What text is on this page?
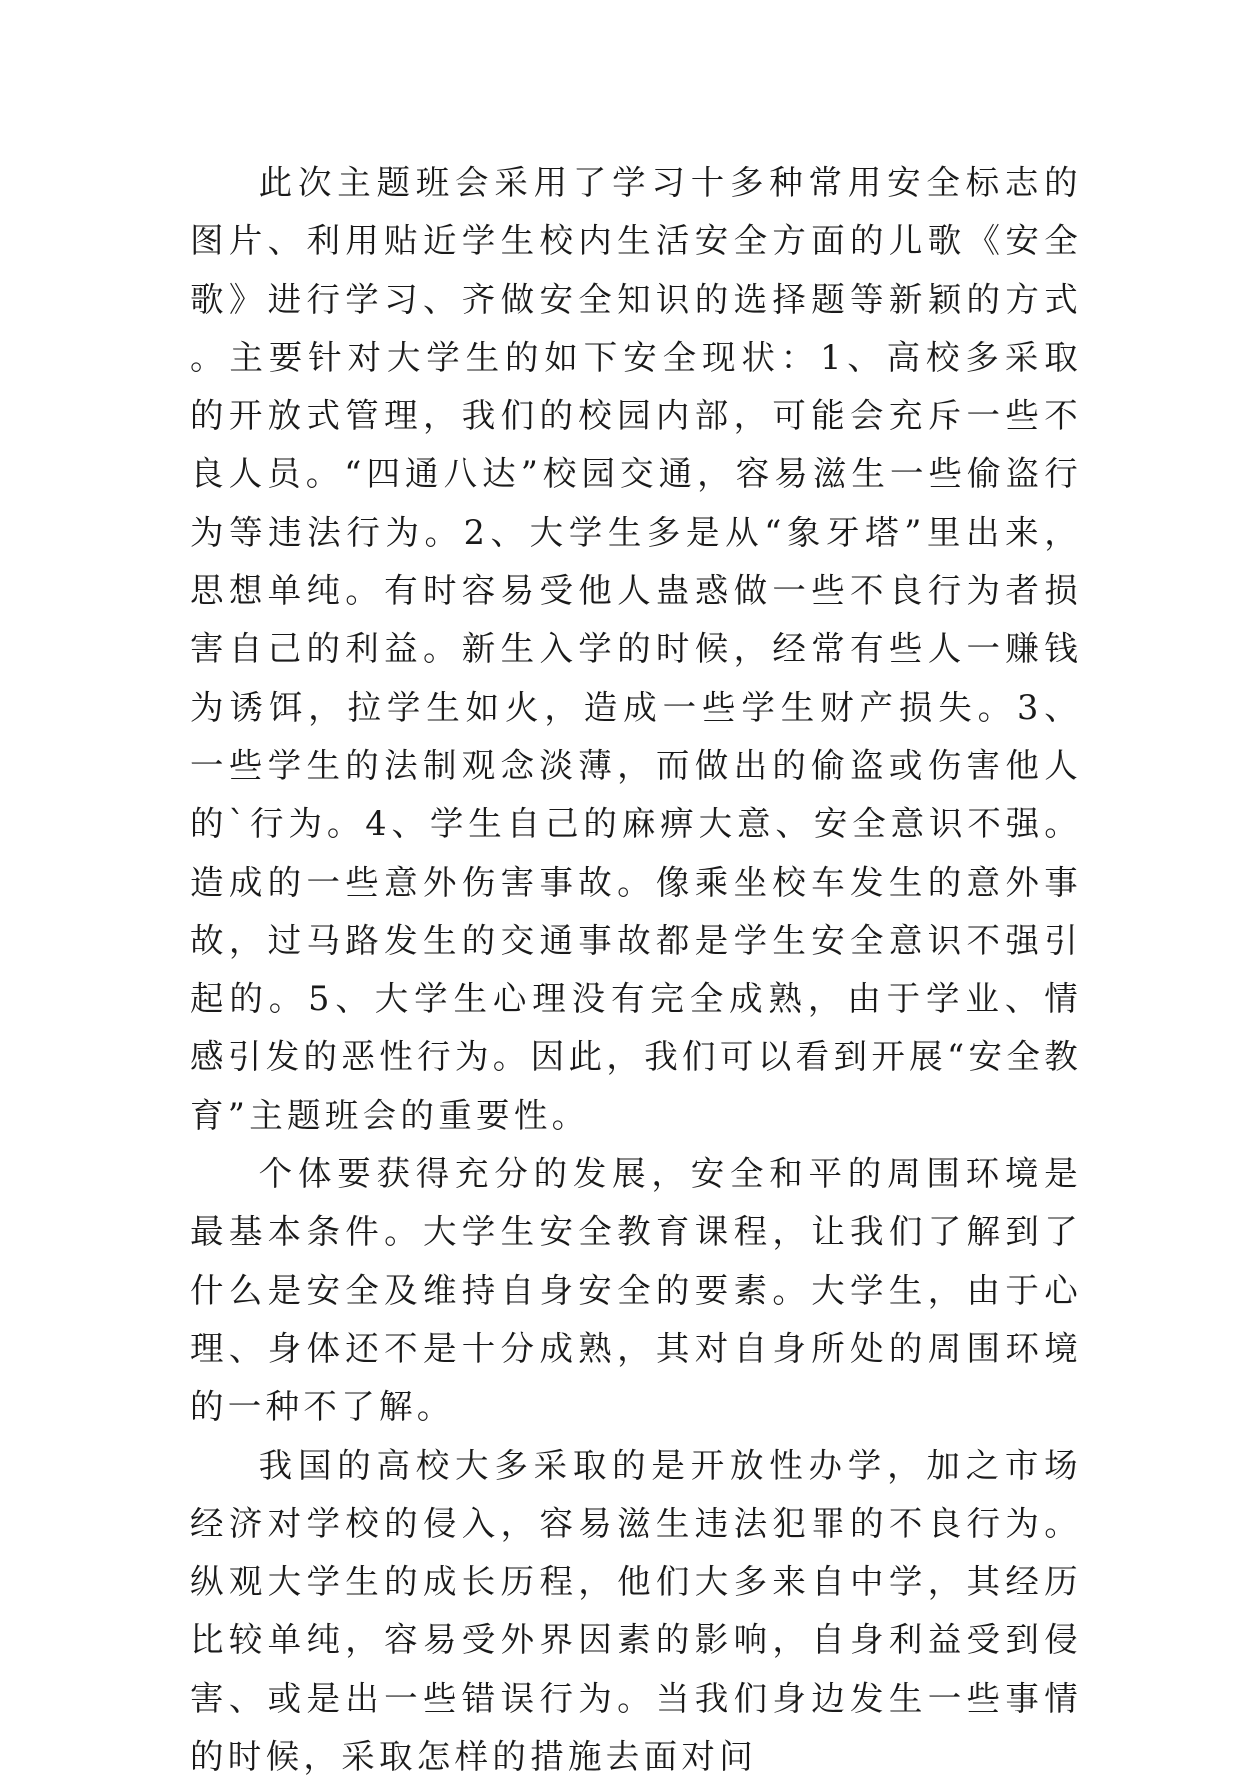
此次主题班会采用了学习十多种常用安全标志的图片、利用贴近学生校内生活安全方面的儿歌《安全歌》进行学习、齐做安全知识的选择题等新颖的方式。主要针对大学生的如下安全现状：1、高校多采取的开放式管理，我们的校园内部，可能会充斥一些不良人员。“四通八达”校园交通，容易滋生一些偷盗行为等违法行为。2、大学生多是从“象牙塔”里出来，思想单纯。有时容易受他人蛊惑做一些不良行为者损害自己的利益。新生入学的时候，经常有些人一赚钱为诱饵，拉学生如火，造成一些学生财产损失。3、一些学生的法制观念淡薄，而做出的偷盗或伤害他人的`行为。4、学生自己的麻痹大意、安全意识不强。造成的一些意外伤害事故。像乘坐校车发生的意外事故，过马路发生的交通事故都是学生安全意识不强引起的。5、大学生心理没有完全成熟，由于学业、情感引发的恶性行为。因此，我们可以看到开展“安全教育”主题班会的重要性。

个体要获得充分的发展，安全和平的周围环境是最基本条件。大学生安全教育课程，让我们了解到了什么是安全及维持自身安全的要素。大学生，由于心理、身体还不是十分成熟，其对自身所处的周围环境的一种不了解。

我国的高校大多采取的是开放性办学，加之市场经济对学校的侵入，容易滋生违法犯罪的不良行为。纵观大学生的成长历程，他们大多来自中学，其经历比较单纯，容易受外界因素的影响，自身利益受到侵害、或是出一些错误行为。当我们身边发生一些事情的时候，采取怎样的措施去面对问
